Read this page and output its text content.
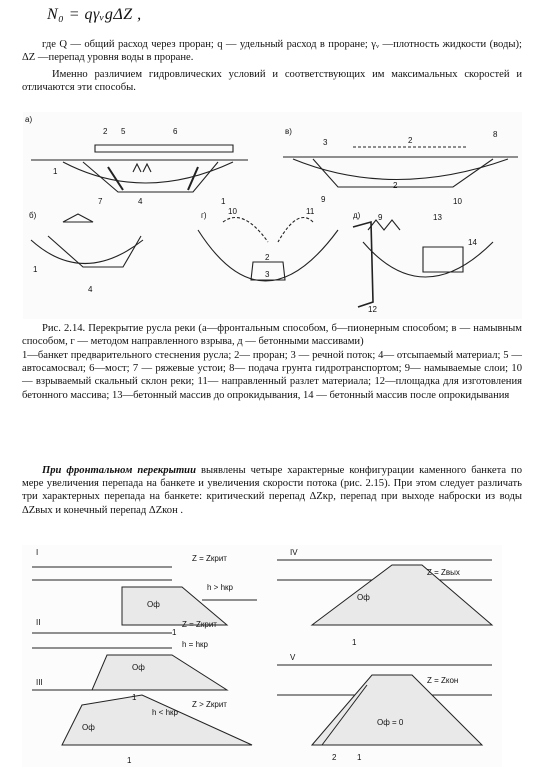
N₀ = qγᵥgΔZ ,
где Q — общий расход через проран; q — удельный расход в проране; γᵥ —плотность жидкости (воды); ΔZ —перепад уровня воды в проране.
Именно различием гидровлических условий и соответствующих им максимальных скоростей и отличаются эти способы.
а)
в)
б)	г)	д)
1
2 5	6
7	4	1
3	2
8
9
2
10
10	11
2
3
9	13
14
12
1
4
Рис. 2.14. Перекрытие русла реки (а—фронтальным способом, б—пионерным способом; в — намывным способом, г — методом направленного взрыва, д — бетонными массивами)
1—банкет предварительного стеснения русла; 2— проран; 3 — речной поток; 4— отсыпаемый материал; 5 — автосамосвал; 6—мост; 7 — ряжевые устои; 8— подача грунта гидротранспортом; 9— намываемые слои; 10 — взрываемый скальный склон реки; 11— направленный разлет материала; 12—площадка для изготовления бетонного массива; 13—бетонный массив до опрокидывания, 14 — бетонный массив после опрокидывания
При фронтальном перекрытии выявлены четыре характерные конфигурации каменного банкета по мере увеличения перепада на банкете и увеличения скорости потока (рис. 2.15). При этом следует различать три характерных перепада на банкете: критический перепад ΔZкр, перепад при выходе наброски из воды ΔZвых и конечный перепад ΔZкон .
I
II
III
IV
V
Z = Zкрит
h > hкр
Оф
1
Z = Zкрит
h = hкр
Оф
1
Z > Zкрит
h < hкр
Оф
1
Z = Zвых
Оф
1
Z = Zкон
Оф = 0
2	1
